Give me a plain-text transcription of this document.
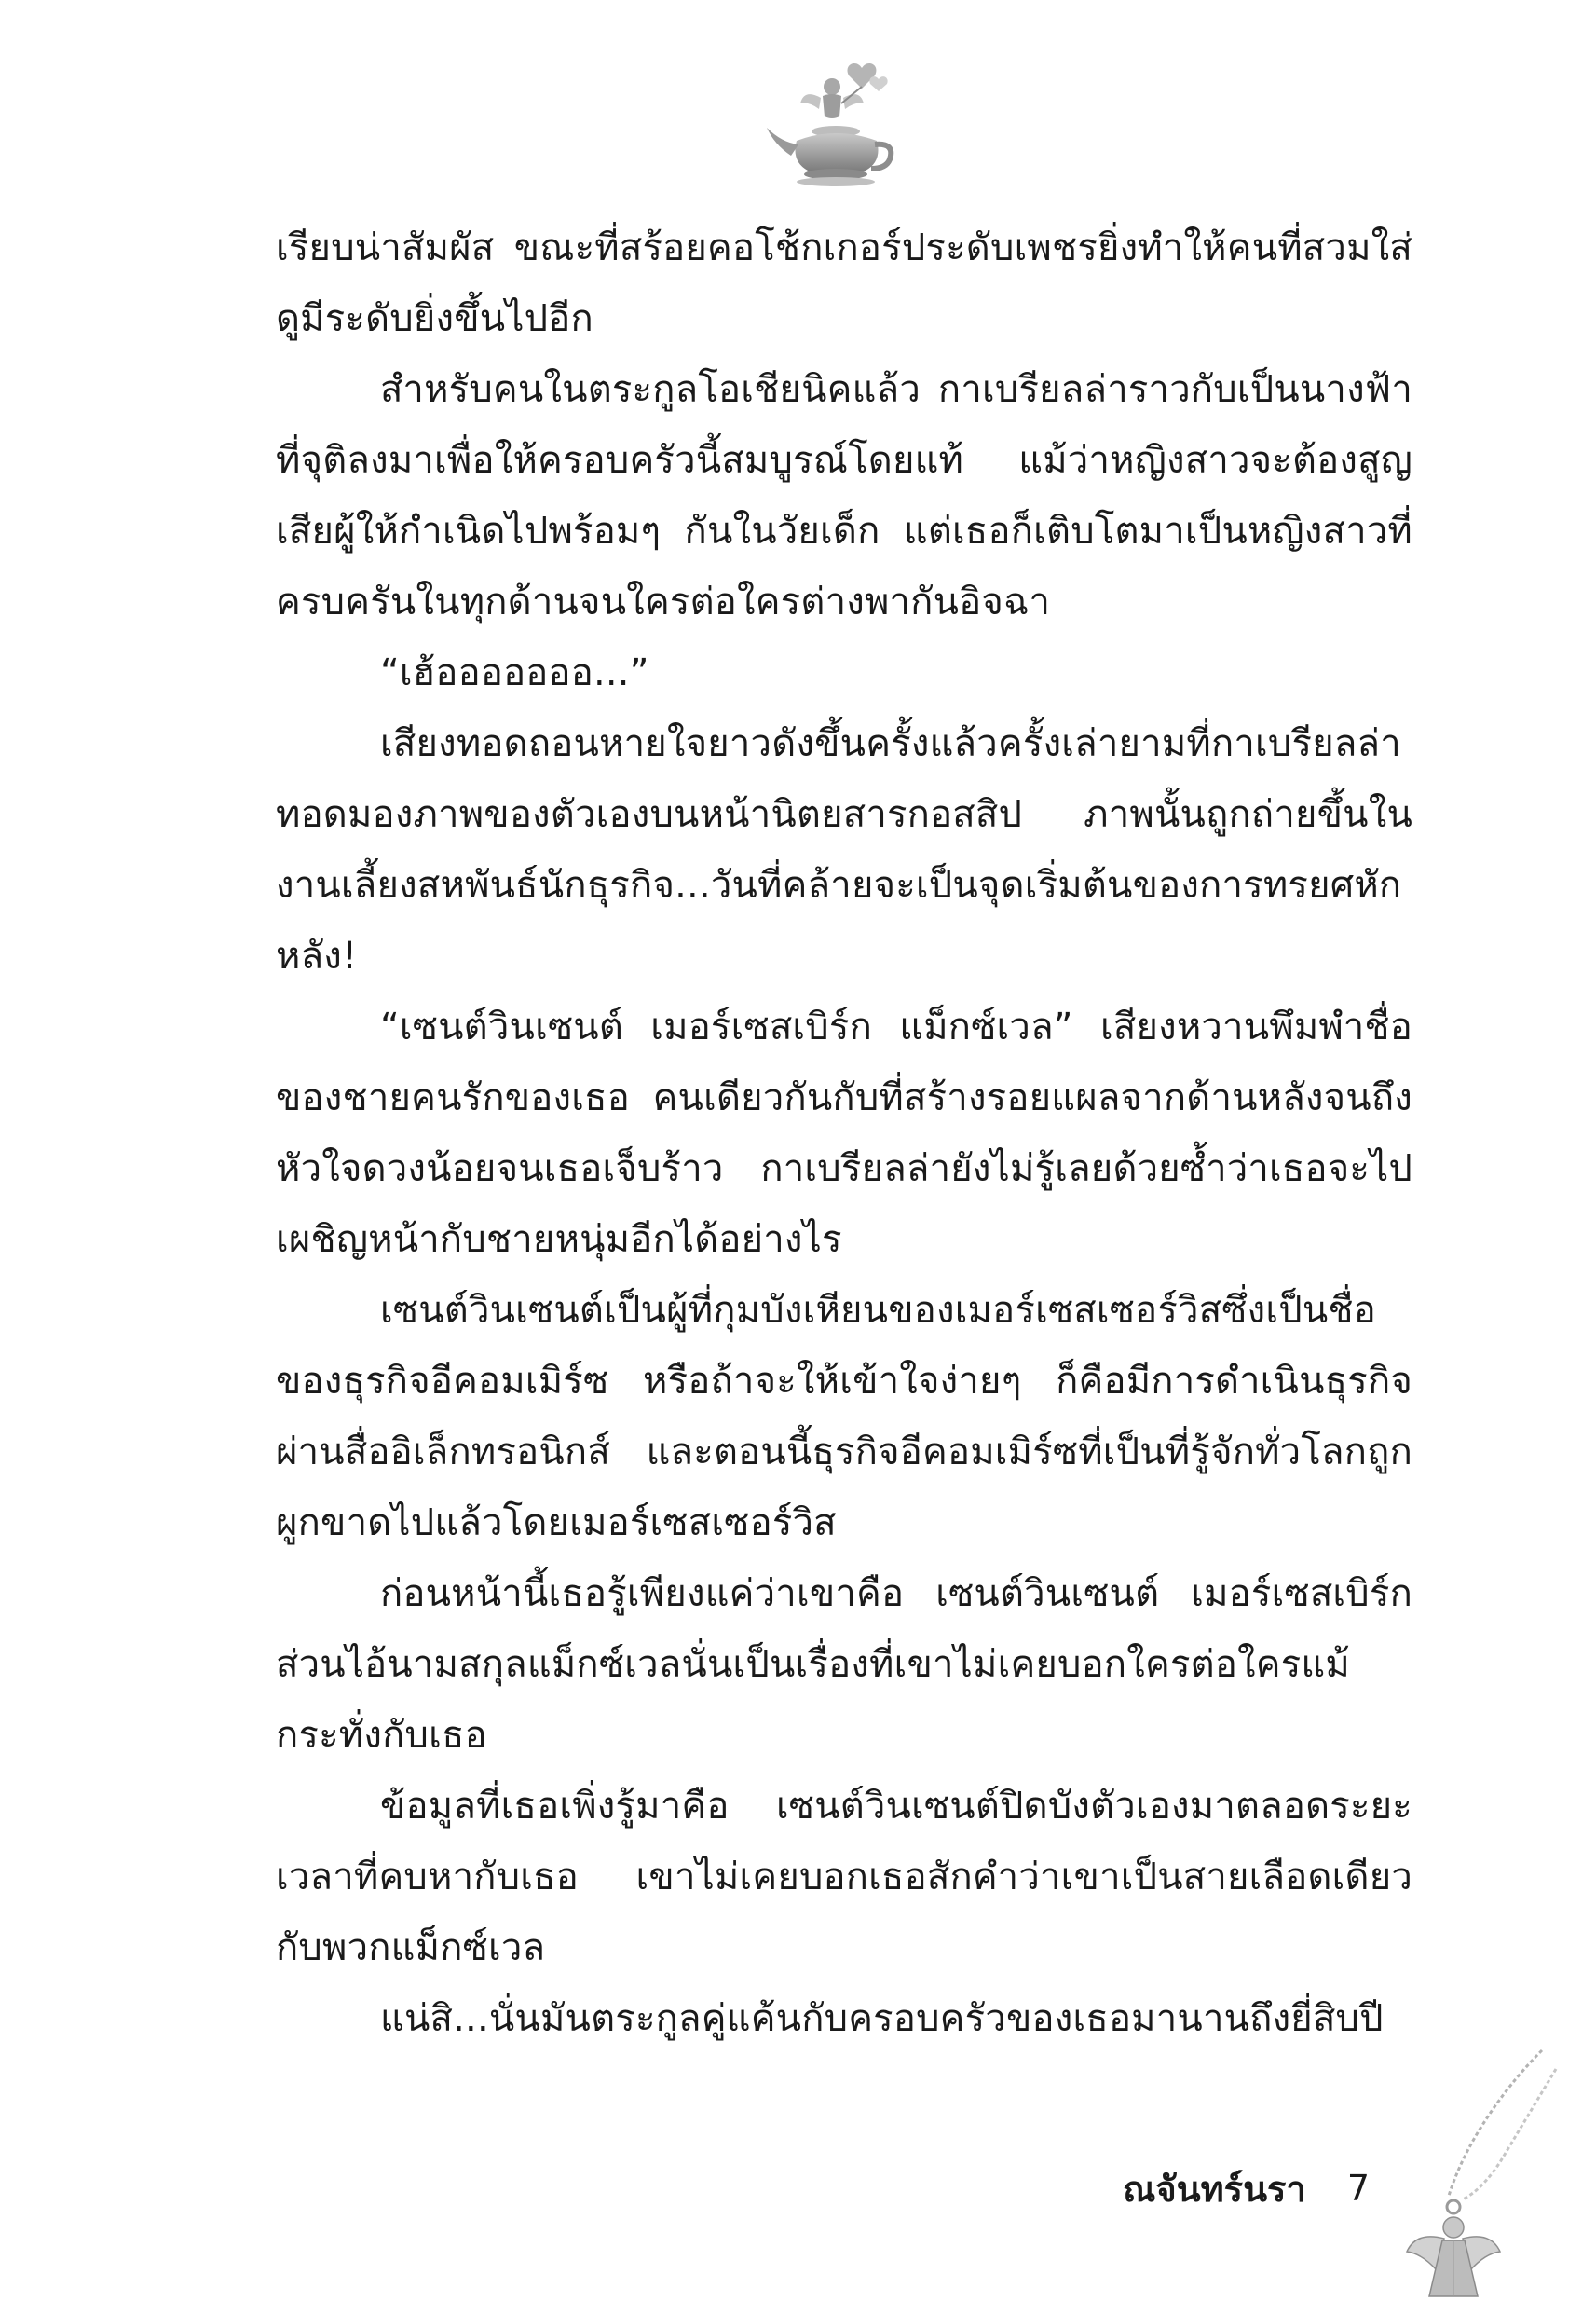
เรียบน่าสัมผัส ขณะที่สร้อยคอโช้กเกอร์ประดับเพชรยิ่งทำให้คนที่สวมใส่ดูมีระดับยิ่งขึ้นไปอีก

สำหรับคนในตระกูลโอเชียนิคแล้ว กาเบรียลล่าราวกับเป็นนางฟ้าที่จุติลงมาเพื่อให้ครอบครัวนี้สมบูรณ์โดยแท้ แม้ว่าหญิงสาวจะต้องสูญเสียผู้ให้กำเนิดไปพร้อมๆ กันในวัยเด็ก แต่เธอก็เติบโตมาเป็นหญิงสาวที่ครบครันในทุกด้านจนใครต่อใครต่างพากันอิจฉา

“เฮ้อออออออ...”

เสียงทอดถอนหายใจยาวดังขึ้นครั้งแล้วครั้งเล่ายามที่กาเบรียลล่าทอดมองภาพของตัวเองบนหน้านิตยสารกอสสิป ภาพนั้นถูกถ่ายขึ้นในงานเลี้ยงสหพันธ์นักธุรกิจ...วันที่คล้ายจะเป็นจุดเริ่มต้นของการทรยศหักหลัง!

“เซนต์วินเซนต์ เมอร์เซสเบิร์ก แม็กซ์เวล” เสียงหวานพึมพำชื่อของชายคนรักของเธอ คนเดียวกันกับที่สร้างรอยแผลจากด้านหลังจนถึงหัวใจดวงน้อยจนเธอเจ็บร้าว กาเบรียลล่ายังไม่รู้เลยด้วยซ้ำว่าเธอจะไปเผชิญหน้ากับชายหนุ่มอีกได้อย่างไร

เซนต์วินเซนต์เป็นผู้ที่กุมบังเหียนของเมอร์เซสเซอร์วิสซึ่งเป็นชื่อของธุรกิจอีคอมเมิร์ซ หรือถ้าจะให้เข้าใจง่ายๆ ก็คือมีการดำเนินธุรกิจผ่านสื่ออิเล็กทรอนิกส์ และตอนนี้ธุรกิจอีคอมเมิร์ซที่เป็นที่รู้จักทั่วโลกถูกผูกขาดไปแล้วโดยเมอร์เซสเซอร์วิส

ก่อนหน้านี้เธอรู้เพียงแค่ว่าเขาคือ เซนต์วินเซนต์ เมอร์เซสเบิร์ก ส่วนไอ้นามสกุลแม็กซ์เวลนั่นเป็นเรื่องที่เขาไม่เคยบอกใครต่อใครแม้กระทั่งกับเธอ

ข้อมูลที่เธอเพิ่งรู้มาคือ เซนต์วินเซนต์ปิดบังตัวเองมาตลอดระยะเวลาที่คบหากับเธอ เขาไม่เคยบอกเธอสักคำว่าเขาเป็นสายเลือดเดียวกับพวกแม็กซ์เวล

แน่สิ...นั่นมันตระกูลคู่แค้นกับครอบครัวของเธอมานานถึงยี่สิบปี

ณจันทร์นรา 7
